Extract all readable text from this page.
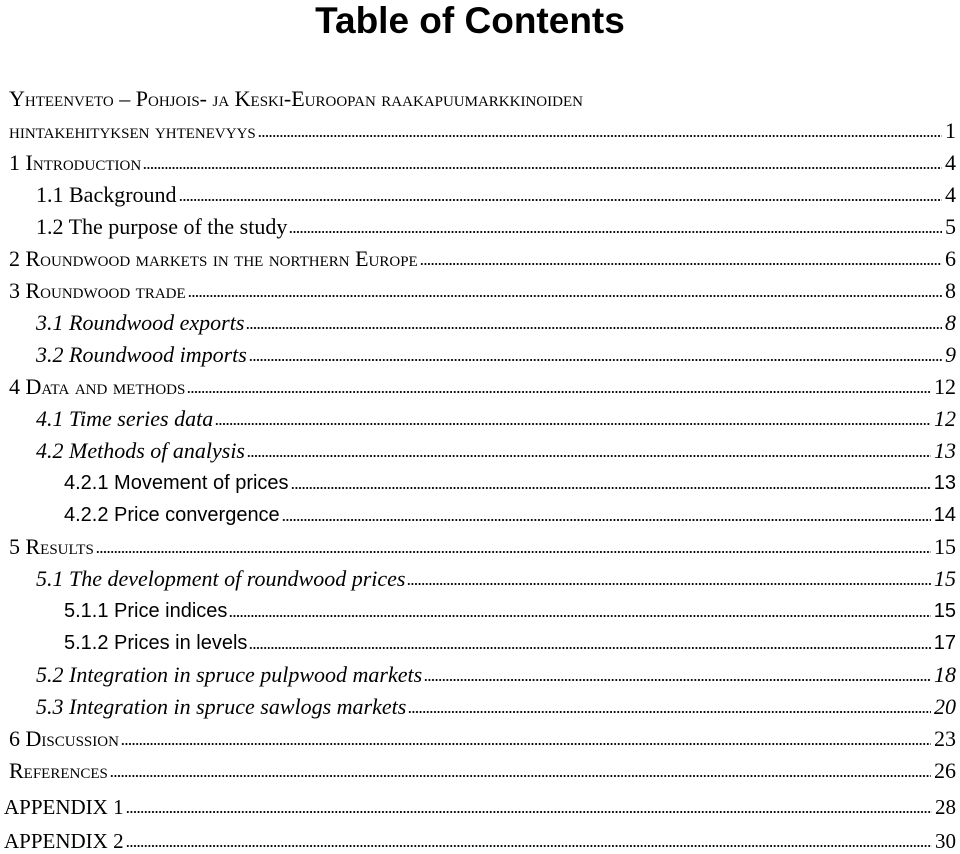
Table of Contents
Yhteenveto – Pohjois- ja Keski-Euroopan raakapuumarkkinoiden
hintakehityksen yhtenevyys	1
1 Introduction	4
1.1 Background	4
1.2 The purpose of the study	5
2 Roundwood markets in the northern Europe	6
3 Roundwood trade	8
3.1 Roundwood exports	8
3.2 Roundwood imports	9
4 Data and methods	12
4.1 Time series data	12
4.2 Methods of analysis	13
4.2.1 Movement of prices	13
4.2.2 Price convergence	14
5 Results	15
5.1 The development of roundwood prices	15
5.1.1 Price indices	15
5.1.2 Prices in levels	17
5.2 Integration in spruce pulpwood markets	18
5.3 Integration in spruce sawlogs markets	20
6 Discussion	23
References	26
APPENDIX 1	28
APPENDIX 2	30
